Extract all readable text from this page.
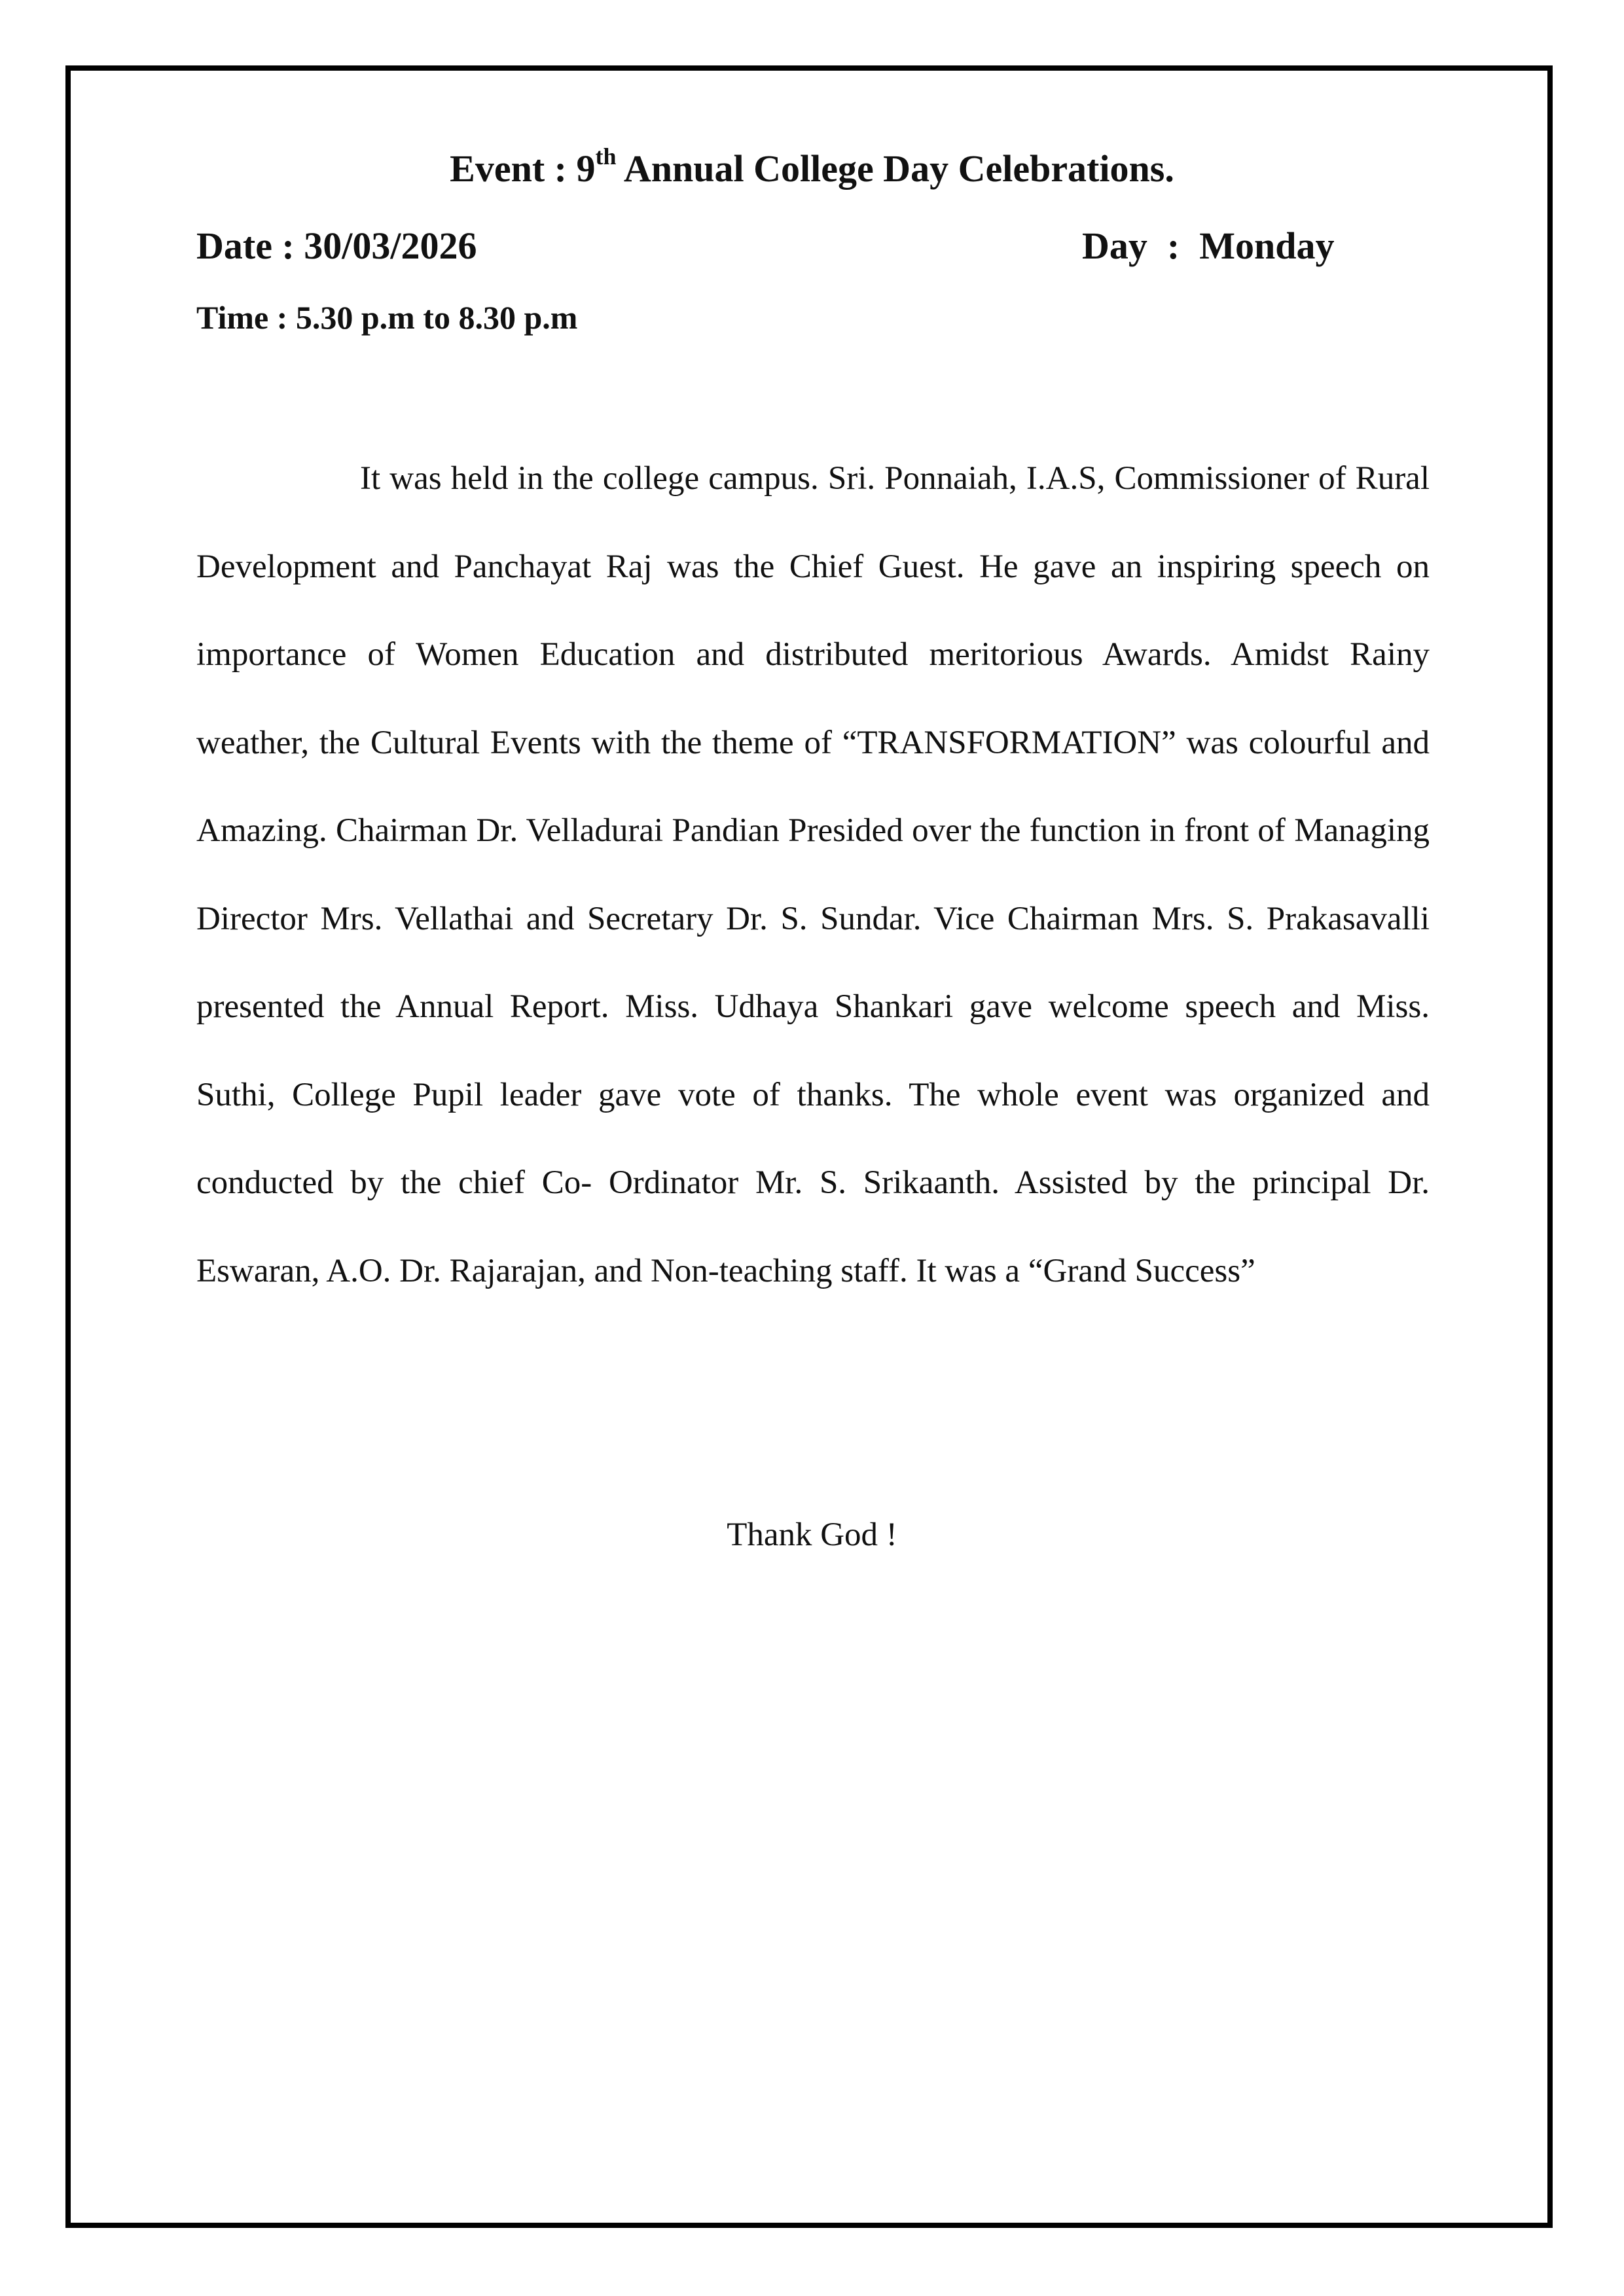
Event : 9th Annual College Day Celebrations.
Date : 30/03/2026	Day : Monday
Time : 5.30 p.m to 8.30 p.m

It was held in the college campus. Sri. Ponnaiah, I.A.S, Commissioner of Rural Development and Panchayat Raj was the Chief Guest. He gave an inspiring speech on importance of Women Education and distributed meritorious Awards. Amidst Rainy weather, the Cultural Events with the theme of “TRANSFORMATION” was colourful and Amazing. Chairman Dr. Velladurai Pandian Presided over the function in front of Managing Director Mrs. Vellathai and Secretary Dr. S. Sundar. Vice Chairman Mrs. S. Prakasavalli presented the Annual Report. Miss. Udhaya Shankari gave welcome speech and Miss. Suthi, College Pupil leader gave vote of thanks. The whole event was organized and conducted by the chief Co- Ordinator Mr. S. Srikaanth. Assisted by the principal Dr. Eswaran, A.O. Dr. Rajarajan, and Non-teaching staff. It was a “Grand Success”

Thank God !
